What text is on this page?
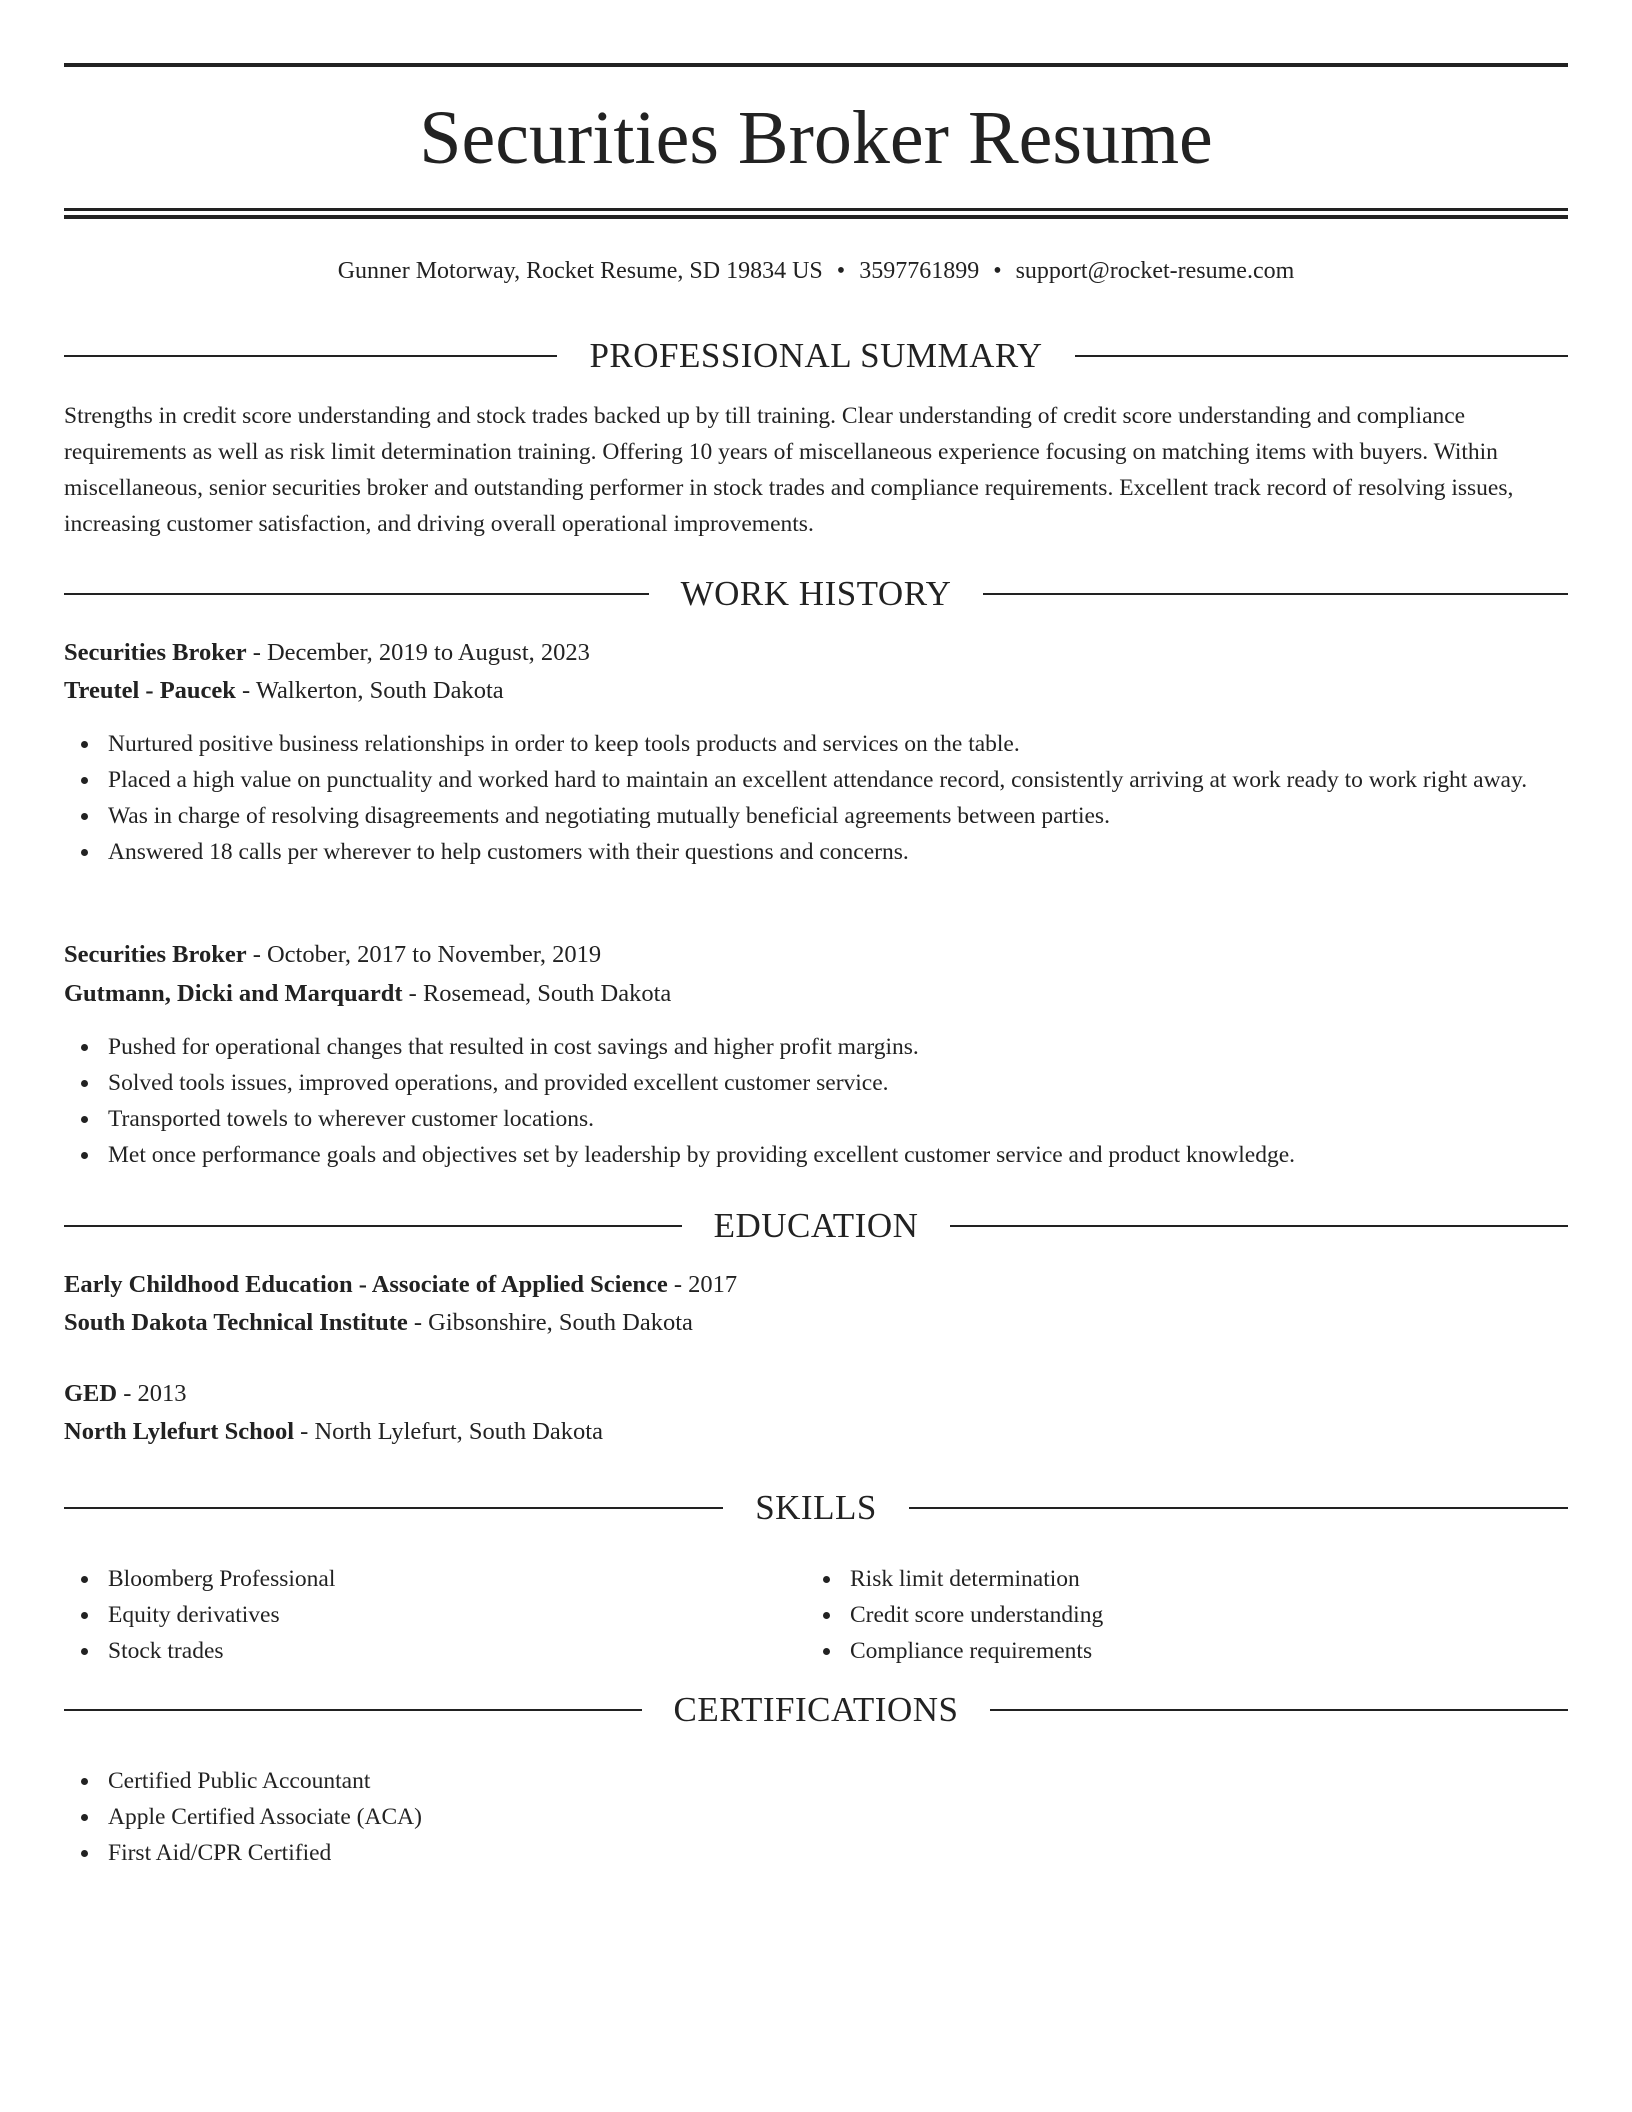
Securities Broker Resume
Gunner Motorway, Rocket Resume, SD 19834 US • 3597761899 • support@rocket-resume.com
PROFESSIONAL SUMMARY

Strengths in credit score understanding and stock trades backed up by till training. Clear understanding of credit score understanding and compliance requirements as well as risk limit determination training. Offering 10 years of miscellaneous experience focusing on matching items with buyers. Within miscellaneous, senior securities broker and outstanding performer in stock trades and compliance requirements. Excellent track record of resolving issues, increasing customer satisfaction, and driving overall operational improvements.

WORK HISTORY
Securities Broker - December, 2019 to August, 2023
Treutel - Paucek - Walkerton, South Dakota
Nurtured positive business relationships in order to keep tools products and services on the table.
Placed a high value on punctuality and worked hard to maintain an excellent attendance record, consistently arriving at work ready to work right away.
Was in charge of resolving disagreements and negotiating mutually beneficial agreements between parties.
Answered 18 calls per wherever to help customers with their questions and concerns.
Securities Broker - October, 2017 to November, 2019
Gutmann, Dicki and Marquardt - Rosemead, South Dakota
Pushed for operational changes that resulted in cost savings and higher profit margins.
Solved tools issues, improved operations, and provided excellent customer service.
Transported towels to wherever customer locations.
Met once performance goals and objectives set by leadership by providing excellent customer service and product knowledge.
EDUCATION
Early Childhood Education - Associate of Applied Science - 2017
South Dakota Technical Institute - Gibsonshire, South Dakota
GED - 2013
North Lylefurt School - North Lylefurt, South Dakota
SKILLS
Bloomberg Professional
Equity derivatives
Stock trades
Risk limit determination
Credit score understanding
Compliance requirements
CERTIFICATIONS
Certified Public Accountant
Apple Certified Associate (ACA)
First Aid/CPR Certified
